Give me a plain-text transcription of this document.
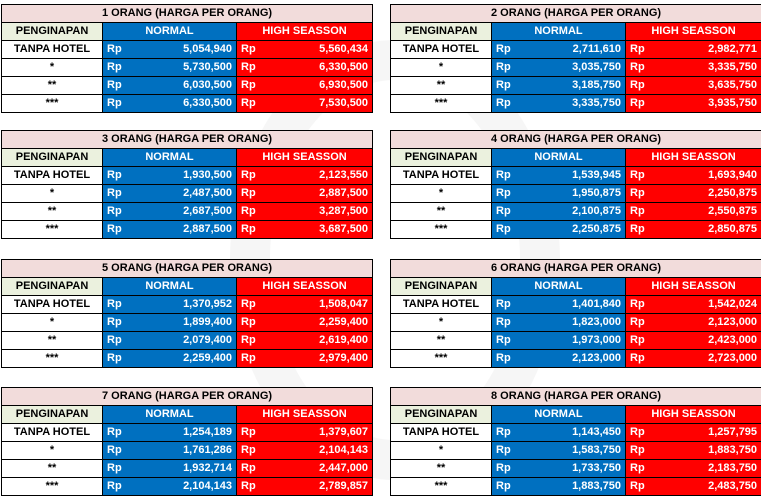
1 ORANG (HARGA PER ORANG)				
PENGINAPAN	NORMAL		HIGH SEASSON	
TANPA HOTEL	Rp	5,054,940	Rp	5,560,434
*	Rp	5,730,500	Rp	6,330,500
**	Rp	6,030,500	Rp	6,930,500
***	Rp	6,330,500	Rp	7,530,500
2 ORANG (HARGA PER ORANG)				
PENGINAPAN	NORMAL		HIGH SEASSON	
TANPA HOTEL	Rp	2,711,610	Rp	2,982,771
*	Rp	3,035,750	Rp	3,335,750
**	Rp	3,185,750	Rp	3,635,750
***	Rp	3,335,750	Rp	3,935,750
3 ORANG (HARGA PER ORANG)				
PENGINAPAN	NORMAL		HIGH SEASSON	
TANPA HOTEL	Rp	1,930,500	Rp	2,123,550
*	Rp	2,487,500	Rp	2,887,500
**	Rp	2,687,500	Rp	3,287,500
***	Rp	2,887,500	Rp	3,687,500
4 ORANG (HARGA PER ORANG)				
PENGINAPAN	NORMAL		HIGH SEASSON	
TANPA HOTEL	Rp	1,539,945	Rp	1,693,940
*	Rp	1,950,875	Rp	2,250,875
**	Rp	2,100,875	Rp	2,550,875
***	Rp	2,250,875	Rp	2,850,875
5 ORANG (HARGA PER ORANG)				
PENGINAPAN	NORMAL		HIGH SEASSON	
TANPA HOTEL	Rp	1,370,952	Rp	1,508,047
*	Rp	1,899,400	Rp	2,259,400
**	Rp	2,079,400	Rp	2,619,400
***	Rp	2,259,400	Rp	2,979,400
6 ORANG (HARGA PER ORANG)				
PENGINAPAN	NORMAL		HIGH SEASSON	
TANPA HOTEL	Rp	1,401,840	Rp	1,542,024
*	Rp	1,823,000	Rp	2,123,000
**	Rp	1,973,000	Rp	2,423,000
***	Rp	2,123,000	Rp	2,723,000
7 ORANG (HARGA PER ORANG)				
PENGINAPAN	NORMAL		HIGH SEASSON	
TANPA HOTEL	Rp	1,254,189	Rp	1,379,607
*	Rp	1,761,286	Rp	2,104,143
**	Rp	1,932,714	Rp	2,447,000
***	Rp	2,104,143	Rp	2,789,857
8 ORANG (HARGA PER ORANG)				
PENGINAPAN	NORMAL		HIGH SEASSON	
TANPA HOTEL	Rp	1,143,450	Rp	1,257,795
*	Rp	1,583,750	Rp	1,883,750
**	Rp	1,733,750	Rp	2,183,750
***	Rp	1,883,750	Rp	2,483,750
